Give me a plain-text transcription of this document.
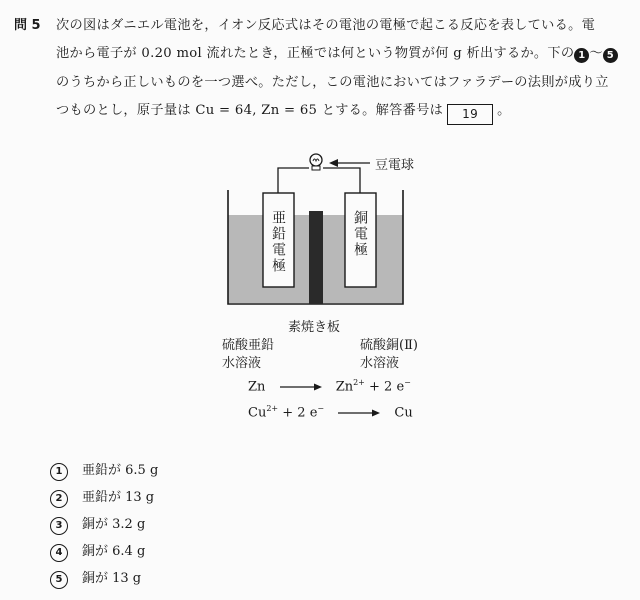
問 5 次の図はダニエル電池を，イオン反応式はその電池の電極で起こる反応を表している。電
池から電子が 0.20 mol 流れたとき，正極では何という物質が何 g 析出するか。下の 1 〜 5
のうちから正しいものを一つ選べ。ただし，この電池においてはファラデーの法則が成り立
つものとし，原子量は Cu = 64, Zn = 65 とする。解答番号は 19 。
豆電球
亜鉛電極	銅電極
素焼き板
硫酸亜鉛
水溶液
硫酸銅(Ⅱ)
水溶液
Zn	$Zn^{2+} + 2$ e−
$Cu^{2+} + 2$ e−	Cu
1 亜鉛が 6.5 g
2 亜鉛が 13 g
3 銅が 3.2 g
4 銅が 6.4 g
5 銅が 13 g
